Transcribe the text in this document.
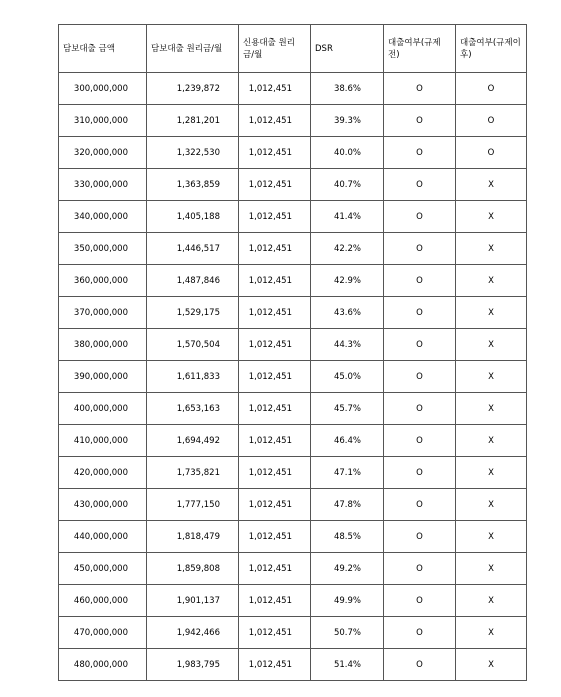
담보대출 금액	담보대출 원리금/월	신용대출 원리금/월	DSR	대출여부(규제전)	대출여부(규제이후)
300,000,000	1,239,872	1,012,451	38.6%	O	O
310,000,000	1,281,201	1,012,451	39.3%	O	O
320,000,000	1,322,530	1,012,451	40.0%	O	O
330,000,000	1,363,859	1,012,451	40.7%	O	X
340,000,000	1,405,188	1,012,451	41.4%	O	X
350,000,000	1,446,517	1,012,451	42.2%	O	X
360,000,000	1,487,846	1,012,451	42.9%	O	X
370,000,000	1,529,175	1,012,451	43.6%	O	X
380,000,000	1,570,504	1,012,451	44.3%	O	X
390,000,000	1,611,833	1,012,451	45.0%	O	X
400,000,000	1,653,163	1,012,451	45.7%	O	X
410,000,000	1,694,492	1,012,451	46.4%	O	X
420,000,000	1,735,821	1,012,451	47.1%	O	X
430,000,000	1,777,150	1,012,451	47.8%	O	X
440,000,000	1,818,479	1,012,451	48.5%	O	X
450,000,000	1,859,808	1,012,451	49.2%	O	X
460,000,000	1,901,137	1,012,451	49.9%	O	X
470,000,000	1,942,466	1,012,451	50.7%	O	X
480,000,000	1,983,795	1,012,451	51.4%	O	X
